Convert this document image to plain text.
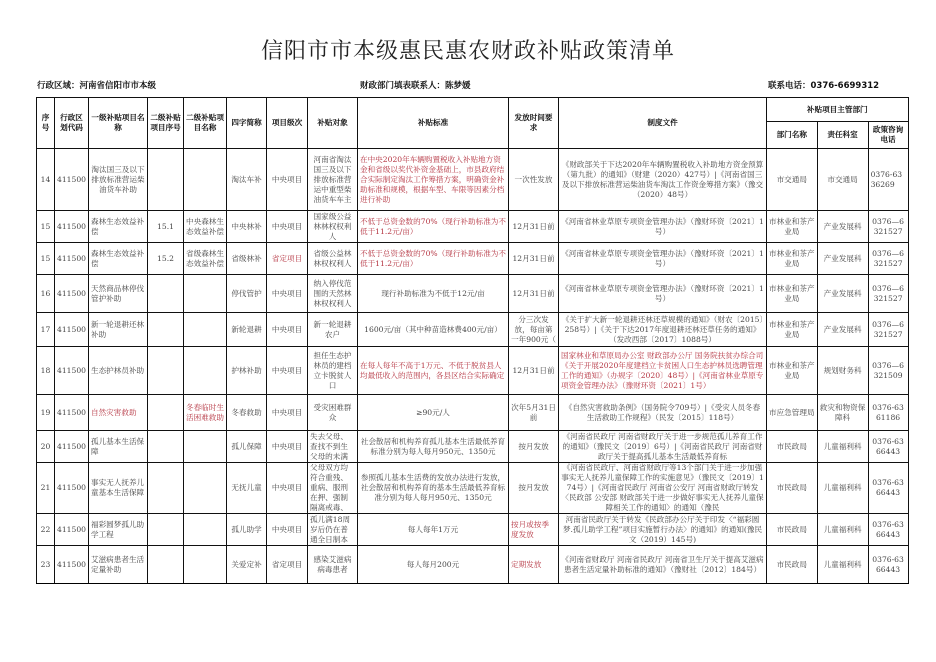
信阳市市本级惠民惠农财政补贴政策清单
行政区域：河南省信阳市市本级	财政部门填表联系人：陈梦媛	联系电话：0376-6699312
序号	行政区划代码	一级补贴项目名称	二级补贴项目序号	二级补贴项目名称	四字简称	项目级次	补贴对象	补贴标准	发放时间要求	制度文件	补贴项目主管部门		
											部门名称	责任科室	政策咨询电话
14	411500	淘汰国三及以下排放标准营运柴油货车补助			淘汰车补	中央项目	河南省淘汰国三及以下排放标准营运中重型柴油货车车主	在中央2020年车辆购置税收入补贴地方资金和省级以奖代补资金基础上，市县政府结合实际制定淘汰工作筹措方案，明确资金补助标准和规模，根据车型、车限等因素分档进行补助	一次性发放	《财政部关于下达2020年车辆购置税收入补助地方资金预算（第九批）的通知》（财建（2020）427号）|《河南省国三及以下排放标准营运柴油货车淘汰工作资金筹措方案》（豫交（2020）48号）	市交通局	市交通局	0376-6336269
15	411500	森林生态效益补偿	15.1	中央森林生态效益补偿	中央林补	中央项目	国家级公益林林权权利人	不低于总资金数的70%（现行补助标准为不低于11.2元/亩）	12月31日前	《河南省林业草原专项资金管理办法》（豫财环资〔2021〕1号）	市林业和茶产业局	产业发展科	0376—6321527
15	411500	森林生态效益补偿	15.2	省级森林生态效益补偿	省级林补	省定项目	省级公益林林权权利人	不低于总资金数的70%（现行补助标准为不低于11.2元/亩）	12月31日前	《河南省林业草原专项资金管理办法》（豫财环资〔2021〕1号）	市林业和茶产业局	产业发展科	0376—6321527
16	411500	天然商品林停伐管护补助			停伐管护	中央项目	纳入停伐范围的天然林林权权利人	现行补助标准为不低于12元/亩	12月31日前	《河南省林业草原专项资金管理办法》（豫财环资〔2021〕1号）	市林业和茶产业局	产业发展科	0376—6321527
17	411500	新一轮退耕还林补助			新轮退耕	中央项目	新一轮退耕农户	1600元/亩（其中种苗造林费400元/亩）	分三次发放，每亩第一年900元（	《关于扩大新一轮退耕还林还草规模的通知》（财农〔2015〕258号）|《关于下达2017年度退耕还林还草任务的通知》（发改西部〔2017〕1088号）	市林业和茶产业局	产业发展科	0376—6321527
18	411500	生态护林员补助			护林补助	中央项目	担任生态护林员的建档立卡脱贫人口	在每人每年不高于1万元、不低于脱贫县人均最低收入的范围内，各县区结合实际确定	12月31日前	国家林业和草原局办公室 财政部办公厅 国务院扶贫办综合司《关于开展2020年度建档立卡贫困人口生态护林员选聘管理工作的通知》（办规字〔2020〕48号）|《河南省林业草原专项资金管理办法》（豫财环资〔2021〕1号）	市林业和茶产业局	规划财务科	0376—6321509
19	411500	自然灾害救助		冬春临时生活困难救助	冬春救助	中央项目	受灾困难群众	≥90元/人	次年5月31日前	《自然灾害救助条例》（国务院令709号）|《受灾人员冬春生活救助工作规程》（民发〔2015〕118号）	市应急管理局	救灾和物资保障科	0376-6361186
20	411500	孤儿基本生活保障			孤儿保障	中央项目	失去父母、查找不到生父母的未满	社会散居和机构养育孤儿基本生活最低养育标准分别为每人每月950元、1350元	按月发放	《河南省民政厅 河南省财政厅关于进一步规范孤儿养育工作的通知》（豫民文〔2019〕6号）|《河南省民政厅 河南省财政厅关于提高孤儿基本生活最低养育标	市民政局	儿童福利科	0376-6366443
21	411500	事实无人抚养儿童基本生活保障			无抚儿童	中央项目	父母双方均符合重残、重病、服刑在押、强制隔离戒毒、	参照孤儿基本生活费的发放办法进行发放，社会散居和机构养育的基本生活最低养育标准分别为每人每月950元、1350元	按月发放	《河南省民政厅、河南省财政厅等13个部门关于进一步加强事实无人抚养儿童保障工作的实施意见》（豫民文〔2019〕174号）|《河南省民政厅 河南省公安厅 河南省财政厅转发〈民政部 公安部 财政部关于进一步做好事实无人抚养儿童保障相关工作的通知〉的通知（豫民	市民政局	儿童福利科	0376-6366443
22	411500	福彩圆梦孤儿助学工程			孤儿助学	中央项目	孤儿满18周岁后仍在普通全日制本	每人每年1万元	按月或按季度发放	河南省民政厅关于转发《民政部办公厅关于印发〈“福彩圆梦.孤儿助学工程”项目实施暂行办法〉的通知》的通知(豫民文（2019）145号)	市民政局	儿童福利科	0376-6366443
23	411500	艾滋病患者生活定量补助			关爱定补	省定项目	感染艾滋病病毒患者	每人每月200元	定期发放	《河南省财政厅 河南省民政厅 河南省卫生厅关于提高艾滋病患者生活定量补助标准的通知》（豫财社〔2012〕184号）	市民政局	儿童福利科	0376-6366443
